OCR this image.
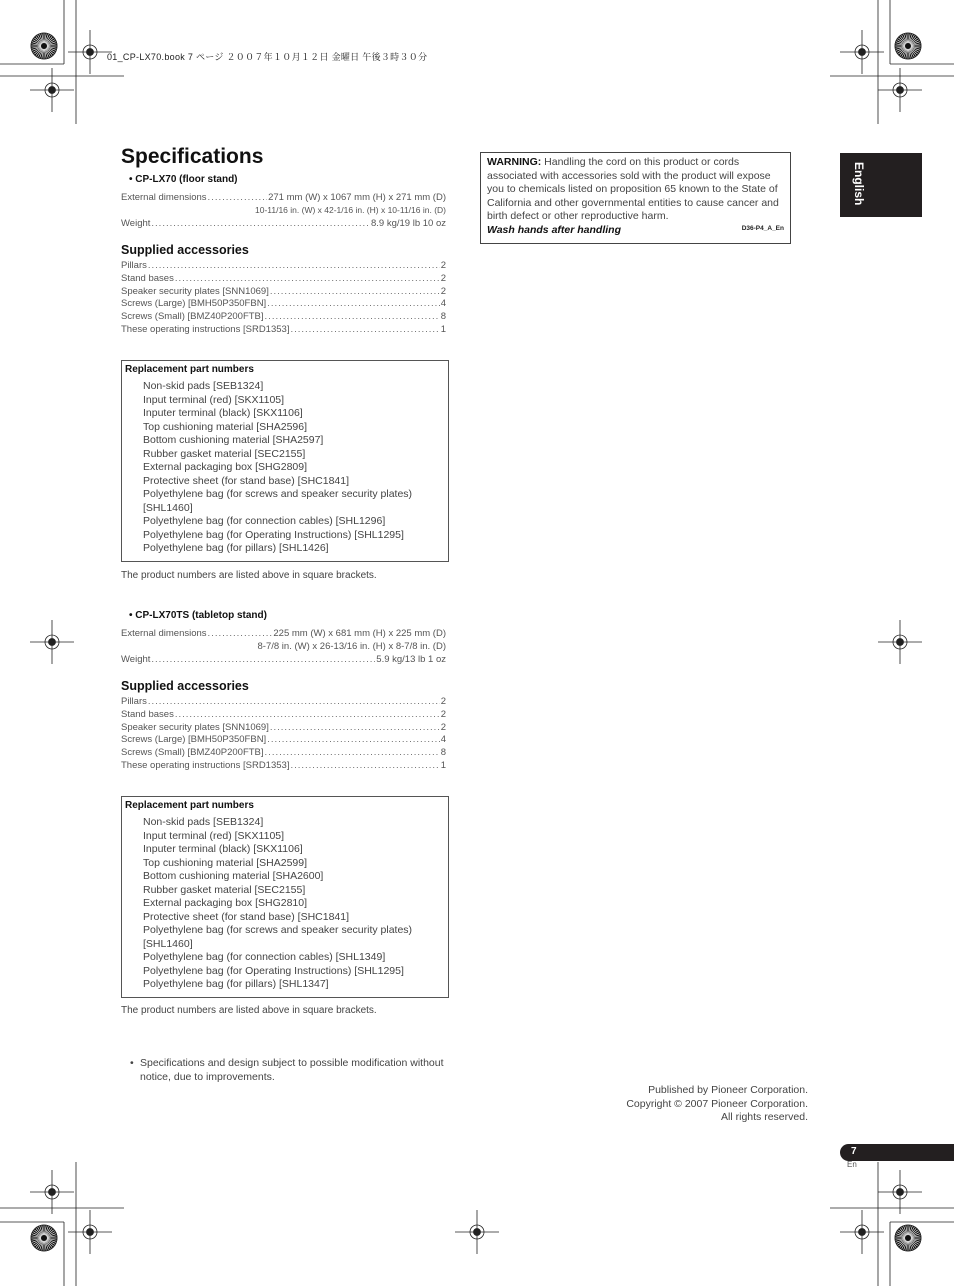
01_CP-LX70.book 7 ページ ２００７年１０月１２日 金曜日 午後３時３０分
Specifications
• CP-LX70 (floor stand)
External dimensions .....	271 mm (W) x 1067 mm (H) x 271 mm (D)
10-11/16 in. (W) x 42-1/16 in. (H) x 10-11/16 in. (D)
Weight .....	8.9 kg/19 lb 10 oz
Supplied accessories
Pillars .....	2
Stand bases .....	2
Speaker security plates [SNN1069] .....	2
Screws (Large) [BMH50P350FBN] .....	4
Screws (Small) [BMZ40P200FTB] .....	8
These operating instructions [SRD1353] .....	1
Replacement part numbers
Non-skid pads [SEB1324]
Input terminal (red) [SKX1105]
Inputer terminal (black) [SKX1106]
Top cushioning material [SHA2596]
Bottom cushioning material [SHA2597]
Rubber gasket material [SEC2155]
External packaging box [SHG2809]
Protective sheet (for stand base) [SHC1841]
Polyethylene bag (for screws and speaker security plates)
[SHL1460]
Polyethylene bag (for connection cables) [SHL1296]
Polyethylene bag (for Operating Instructions) [SHL1295]
Polyethylene bag (for pillars) [SHL1426]
The product numbers are listed above in square brackets.
• CP-LX70TS (tabletop stand)
External dimensions .....	225 mm (W) x 681 mm (H) x 225 mm (D)
8-7/8 in. (W) x 26-13/16 in. (H) x 8-7/8 in. (D)
Weight .....	5.9 kg/13 lb 1 oz
Supplied accessories
Pillars .....	2
Stand bases .....	2
Speaker security plates [SNN1069] .....	2
Screws (Large) [BMH50P350FBN] .....	4
Screws (Small) [BMZ40P200FTB] .....	8
These operating instructions [SRD1353] .....	1
Replacement part numbers
Non-skid pads [SEB1324]
Input terminal (red) [SKX1105]
Inputer terminal (black) [SKX1106]
Top cushioning material [SHA2599]
Bottom cushioning material [SHA2600]
Rubber gasket material [SEC2155]
External packaging box [SHG2810]
Protective sheet (for stand base) [SHC1841]
Polyethylene bag (for screws and speaker security plates)
[SHL1460]
Polyethylene bag (for connection cables) [SHL1349]
Polyethylene bag (for Operating Instructions) [SHL1295]
Polyethylene bag (for pillars) [SHL1347]
The product numbers are listed above in square brackets.
• Specifications and design subject to possible modification without notice, due to improvements.
WARNING: Handling the cord on this product or cords associated with accessories sold with the product will expose you to chemicals listed on proposition 65 known to the State of California and other governmental entities to cause cancer and birth defect or other reproductive harm.
Wash hands after handling	D36-P4_A_En
English
Published by Pioneer Corporation.
Copyright © 2007 Pioneer Corporation.
All rights reserved.
7
En
